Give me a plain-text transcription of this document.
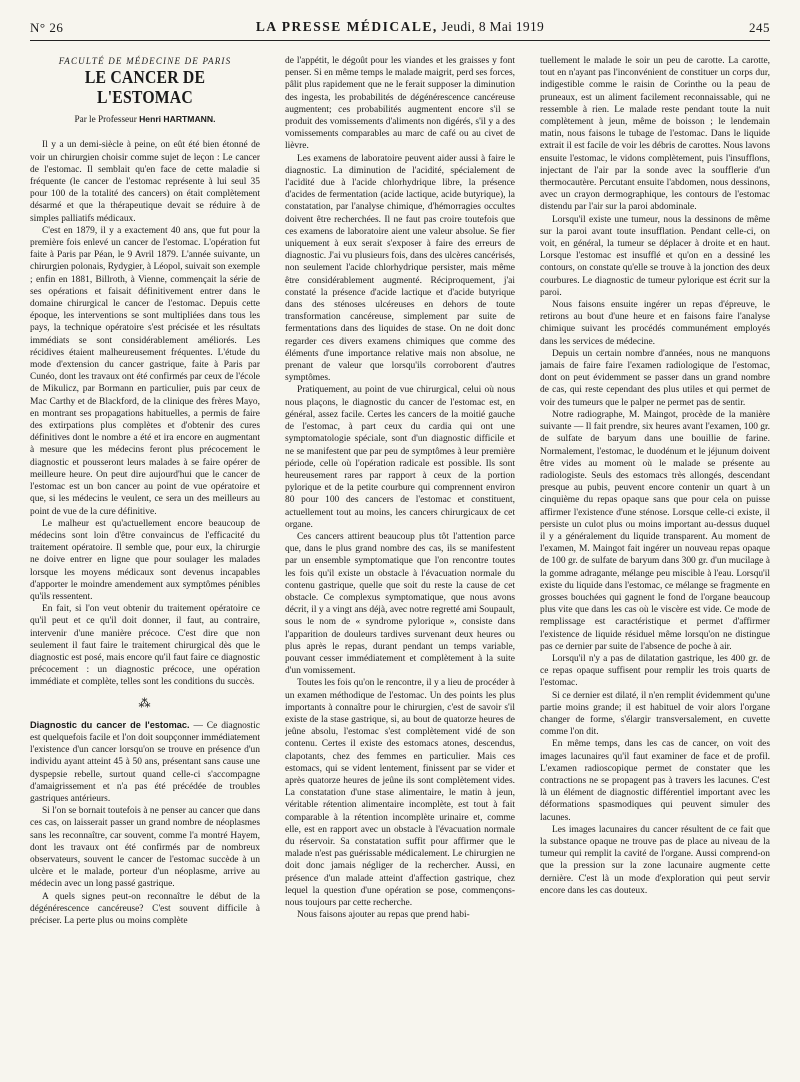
N° 26	LA PRESSE MÉDICALE, Jeudi, 8 Mai 1919	245

FACULTÉ DE MÉDECINE DE PARIS

LE CANCER DE L'ESTOMAC
Par le Professeur Henri HARTMANN.

Il y a un demi-siècle à peine, on eût été bien étonné de voir un chirurgien choisir comme sujet de leçon : Le cancer de l'estomac. Il semblait qu'en face de cette maladie si fréquente (le cancer de l'estomac représente à lui seul 35 pour 100 de la totalité des cancers) on était complètement désarmé et que la thérapeutique devait se réduire à de simples palliatifs médicaux.

C'est en 1879, il y a exactement 40 ans, que fut pour la première fois enlevé un cancer de l'estomac. L'opération fut faite à Paris par Péan, le 9 Avril 1879. L'année suivante, un chirurgien polonais, Rydygier, à Léopol, suivait son exemple ; enfin en 1881, Billroth, à Vienne, commençait la série de ses opérations et faisait définitivement entrer dans le domaine chirurgical le cancer de l'estomac. Depuis cette époque, les interventions se sont multipliées dans tous les pays, la technique opératoire s'est précisée et les résultats immédiats se sont considérablement améliorés. Les récidives étaient malheureusement fréquentes. L'étude du mode d'extension du cancer gastrique, faite à Paris par Cunéo, dont les travaux ont été confirmés par ceux de l'école de Mikulicz, par Bormann en particulier, puis par ceux de Mac Carthy et de Blackford, de la clinique des frères Mayo, en montrant ses propagations habituelles, a permis de faire des extirpations plus complètes et d'obtenir des cures définitives dont le nombre a été et ira encore en augmentant à mesure que les médecins feront plus précocement le diagnostic et pousseront leurs malades à se faire opérer de meilleure heure. On peut dire aujourd'hui que le cancer de l'estomac est un bon cancer au point de vue opératoire et que, si les médecins le veulent, ce sera un des meilleurs au point de vue de la cure définitive.

Le malheur est qu'actuellement encore beaucoup de médecins sont loin d'être convaincus de l'efficacité du traitement opératoire. Il semble que, pour eux, la chirurgie ne doive entrer en ligne que pour soulager les malades lorsque les moyens médicaux sont devenus incapables d'apporter le moindre amendement aux symptômes pénibles qu'ils ressentent.

En fait, si l'on veut obtenir du traitement opératoire ce qu'il peut et ce qu'il doit donner, il faut, au contraire, intervenir d'une manière précoce. C'est dire que non seulement il faut faire le traitement chirurgical dès que le diagnostic est posé, mais encore qu'il faut faire ce diagnostic précocement : un diagnostic précoce, une opération immédiate et complète, telles sont les conditions du succès.

⁂

Diagnostic du cancer de l'estomac. — Ce diagnostic est quelquefois facile et l'on doit soupçonner immédiatement l'existence d'un cancer lorsqu'on se trouve en présence d'un individu ayant atteint 45 à 50 ans, présentant sans cause une dyspepsie rebelle, surtout quand celle-ci s'accompagne d'amaigrissement et n'a pas été précédée de troubles gastriques antérieurs.

Si l'on se bornait toutefois à ne penser au cancer que dans ces cas, on laisserait passer un grand nombre de néoplasmes sans les reconnaître, car souvent, comme l'a montré Hayem, dont les travaux ont été confirmés par de nombreux observateurs, souvent le cancer de l'estomac succède à un ulcère et le malade, porteur d'un néoplasme, arrive au médecin avec un long passé gastrique.

A quels signes peut-on reconnaître le début de la dégénérescence cancéreuse? C'est souvent difficile à préciser. La perte plus ou moins complète

de l'appétit, le dégoût pour les viandes et les graisses y font penser. Si en même temps le malade maigrit, perd ses forces, pâlit plus rapidement que ne le ferait supposer la diminution des ingesta, les probabilités de dégénérescence cancéreuse augmentent; ces probabilités augmentent encore s'il se produit des vomissements d'aliments non digérés, s'il y a des vomissements comparables au marc de café ou au civet de lièvre.

Les examens de laboratoire peuvent aider aussi à faire le diagnostic. La diminution de l'acidité, spécialement de l'acidité due à l'acide chlorhydrique libre, la présence d'acides de fermentation (acide lactique, acide butyrique), la constatation, par l'analyse chimique, d'hémorragies occultes doivent être recherchées. Il ne faut pas croire toutefois que ces examens de laboratoire aient une valeur absolue. Se fier uniquement à eux serait s'exposer à faire des erreurs de diagnostic. J'ai vu plusieurs fois, dans des ulcères cancérisés, non seulement l'acide chlorhydrique persister, mais même être considérablement augmenté. Réciproquement, j'ai constaté la présence d'acide lactique et d'acide butyrique dans des sténoses ulcéreuses en dehors de toute transformation cancéreuse, simplement par suite de fermentations dans des liquides de stase. On ne doit donc regarder ces divers examens chimiques que comme des éléments d'une importance relative mais non absolue, ne prenant de valeur que lorsqu'ils corroborent d'autres symptômes.

Pratiquement, au point de vue chirurgical, celui où nous nous plaçons, le diagnostic du cancer de l'estomac est, en général, assez facile. Certes les cancers de la moitié gauche de l'estomac, à part ceux du cardia qui ont une symptomatologie spéciale, sont d'un diagnostic difficile et ne se manifestent que par peu de symptômes à leur première période, celle où l'opération radicale est possible. Ils sont heureusement rares par rapport à ceux de la portion pylorique et de la petite courbure qui comprennent environ 80 pour 100 des cancers de l'estomac et constituent, actuellement tout au moins, les cancers chirurgicaux de cet organe.

Ces cancers attirent beaucoup plus tôt l'attention parce que, dans le plus grand nombre des cas, ils se manifestent par un ensemble symptomatique que l'on rencontre toutes les fois qu'il existe un obstacle à l'évacuation normale du contenu gastrique, quelle que soit du reste la cause de cet obstacle. Ce complexus symptomatique, que nous avons décrit, il y a vingt ans déjà, avec notre regretté ami Soupault, sous le nom de « syndrome pylorique », consiste dans l'apparition de douleurs tardives survenant deux heures ou plus après le repas, durant pendant un temps variable, pouvant cesser immédiatement et complètement à la suite d'un vomissement.

Toutes les fois qu'on le rencontre, il y a lieu de procéder à un examen méthodique de l'estomac. Un des points les plus importants à connaître pour le chirurgien, c'est de savoir s'il existe de la stase gastrique, si, au bout de quatorze heures de jeûne absolu, l'estomac s'est complètement vidé de son contenu. Certes il existe des estomacs atones, descendus, clapotants, chez des femmes en particulier. Mais ces estomacs, qui se vident lentement, finissent par se vider et après quatorze heures de jeûne ils sont complètement vides. La constatation d'une stase alimentaire, le matin à jeun, véritable rétention alimentaire incomplète, est tout à fait comparable à la rétention incomplète urinaire et, comme elle, est en rapport avec un obstacle à l'évacuation normale du réservoir. Sa constatation suffit pour affirmer que le malade n'est pas guérissable médicalement. Le chirurgien ne doit donc jamais négliger de la rechercher. Aussi, en présence d'un malade atteint d'affection gastrique, chez lequel la question d'une opération se pose, commençons-nous toujours par cette recherche.

Nous faisons ajouter au repas que prend habi-

tuellement le malade le soir un peu de carotte. La carotte, tout en n'ayant pas l'inconvénient de constituer un corps dur, indigestible comme le raisin de Corinthe ou la peau de pruneaux, est un aliment facilement reconnaissable, qui ne ressemble à rien. Le malade reste pendant toute la nuit complètement à jeun, même de boisson ; le lendemain matin, nous faisons le tubage de l'estomac. Dans le liquide extrait il est facile de voir les débris de carottes. Nous lavons ensuite l'estomac, le vidons complètement, puis l'insufflons, injectant de l'air par la sonde avec la soufflerie d'un thermocautère. Percutant ensuite l'abdomen, nous dessinons, avec un crayon dermographique, les contours de l'estomac distendu par l'air sur la paroi abdominale.

Lorsqu'il existe une tumeur, nous la dessinons de même sur la paroi avant toute insufflation. Pendant celle-ci, on voit, en général, la tumeur se déplacer à droite et en haut. Lorsque l'estomac est insufflé et qu'on en a dessiné les contours, on constate qu'elle se trouve à la jonction des deux courbures. Le diagnostic de tumeur pylorique est écrit sur la paroi.

Nous faisons ensuite ingérer un repas d'épreuve, le retirons au bout d'une heure et en faisons faire l'analyse chimique suivant les procédés communément employés dans les services de médecine.

Depuis un certain nombre d'années, nous ne manquons jamais de faire faire l'examen radiologique de l'estomac, dont on peut évidemment se passer dans un grand nombre de cas, qui reste cependant des plus utiles et qui permet de voir des tumeurs que le palper ne permet pas de sentir.

Notre radiographe, M. Maingot, procède de la manière suivante — Il fait prendre, six heures avant l'examen, 100 gr. de sulfate de baryum dans une bouillie de farine. Normalement, l'estomac, le duodénum et le jéjunum doivent être vides au moment où le malade se présente au radiologiste. Seuls des estomacs très allongés, descendant presque au pubis, peuvent encore contenir un quart à un cinquième du repas opaque sans que pour cela on puisse affirmer l'existence d'une sténose. Lorsque celle-ci existe, il persiste un culot plus ou moins important au-dessus duquel il y a généralement du liquide transparent. Au moment de l'examen, M. Maingot fait ingérer un nouveau repas opaque de 100 gr. de sulfate de baryum dans 300 gr. d'un mucilage à la gomme adragante, mélange peu miscible à l'eau. Lorsqu'il existe du liquide dans l'estomac, ce mélange se fragmente en grosses bouchées qui gagnent le fond de l'organe beaucoup plus vite que dans les cas où le viscère est vide. Ce mode de remplissage est caractéristique et permet d'affirmer l'existence de liquide résiduel même lorsqu'on ne distingue pas ce dernier par suite de l'absence de poche à air.

Lorsqu'il n'y a pas de dilatation gastrique, les 400 gr. de ce repas opaque suffisent pour remplir les trois quarts de l'estomac.

Si ce dernier est dilaté, il n'en remplit évidemment qu'une partie moins grande; il est habituel de voir alors l'organe changer de forme, s'élargir transversalement, en cuvette comme l'on dit.

En même temps, dans les cas de cancer, on voit des images lacunaires qu'il faut examiner de face et de profil. L'examen radioscopique permet de constater que les contractions ne se propagent pas à travers les lacunes. C'est là un élément de diagnostic différentiel important avec les déformations spasmodiques qui peuvent simuler des lacunes.

Les images lacunaires du cancer résultent de ce fait que la substance opaque ne trouve pas de place au niveau de la tumeur qui remplit la cavité de l'organe. Aussi comprend-on que la pression sur la zone lacunaire augmente cette dernière. C'est là un mode d'exploration qui peut servir encore dans les cas douteux.
